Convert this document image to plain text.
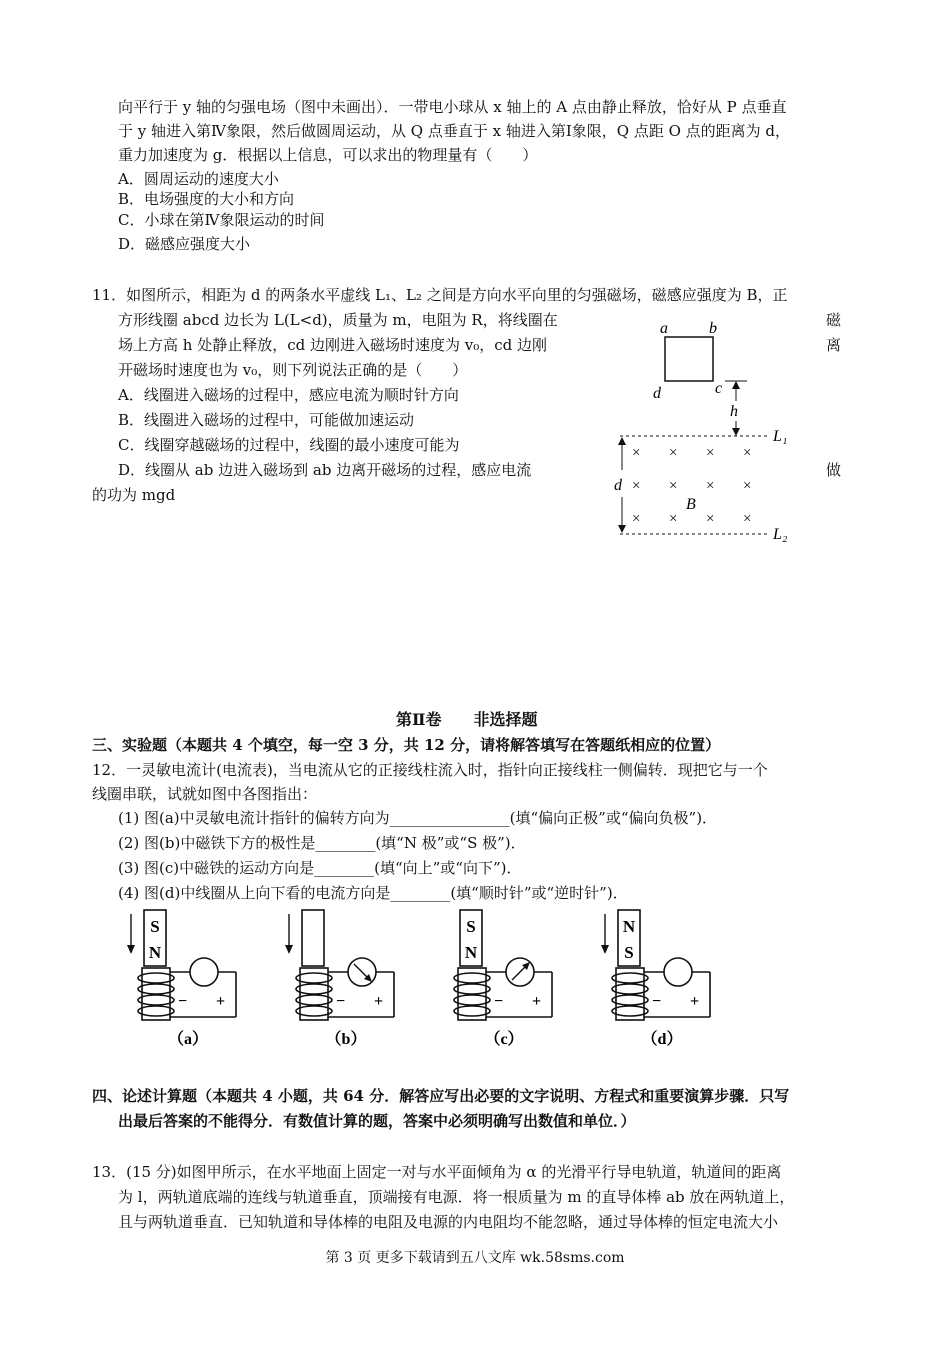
向平行于 y 轴的匀强电场（图中未画出）．一带电小球从 x 轴上的 A 点由静止释放，恰好从 P 点垂直
于 y 轴进入第Ⅳ象限，然后做圆周运动，从 Q 点垂直于 x 轴进入第Ⅰ象限，Q 点距 O 点的距离为 d，
重力加速度为 g．根据以上信息，可以求出的物理量有（　　）
A．圆周运动的速度大小
B．电场强度的大小和方向
C．小球在第Ⅳ象限运动的时间
D．磁感应强度大小
11．如图所示，相距为 d 的两条水平虚线 L₁、L₂ 之间是方向水平向里的匀强磁场，磁感应强度为 B，正
方形线圈 abcd 边长为 L(L<d)，质量为 m，电阻为 R，将线圈在	磁
场上方高 h 处静止释放，cd 边刚进入磁场时速度为 v₀，cd 边刚	离
开磁场时速度也为 v₀，则下列说法正确的是（　　）
A．线圈进入磁场的过程中，感应电流为顺时针方向
B．线圈进入磁场的过程中，可能做加速运动
C．线圈穿越磁场的过程中，线圈的最小速度可能为
D．线圈从 ab 边进入磁场到 ab 边离开磁场的过程，感应电流	做
的功为 mgd
a	b
d	c
h
L₁
L₂
d
× × × ×
× × × ×
× × × ×
B
第Ⅱ卷　　非选择题
三、实验题（本题共 4 个填空，每一空 3 分，共 12 分，请将解答填写在答题纸相应的位置）
12．一灵敏电流计(电流表)，当电流从它的正接线柱流入时，指针向正接线柱一侧偏转．现把它与一个
线圈串联，试就如图中各图指出：
(1) 图(a)中灵敏电流计指针的偏转方向为________________(填“偏向正极”或“偏向负极”)．
(2) 图(b)中磁铁下方的极性是________(填“N 极”或“S 极”)．
(3) 图(c)中磁铁的运动方向是________(填“向上”或“向下”)．
(4) 图(d)中线圈从上向下看的电流方向是________(填“顺时针”或“逆时针”)．
S
N
− +
（a）
− +
（b）
S
N
− +
（c）
N
S
− +
（d）
四、论述计算题（本题共 4 小题，共 64 分．解答应写出必要的文字说明、方程式和重要演算步骤．只写
出最后答案的不能得分．有数值计算的题，答案中必须明确写出数值和单位．）
13．(15 分)如图甲所示，在水平地面上固定一对与水平面倾角为 α 的光滑平行导电轨道，轨道间的距离
为 l，两轨道底端的连线与轨道垂直，顶端接有电源．将一根质量为 m 的直导体棒 ab 放在两轨道上，
且与两轨道垂直．已知轨道和导体棒的电阻及电源的内电阻均不能忽略，通过导体棒的恒定电流大小
第 3 页 更多下载请到五八文库 wk.58sms.com
